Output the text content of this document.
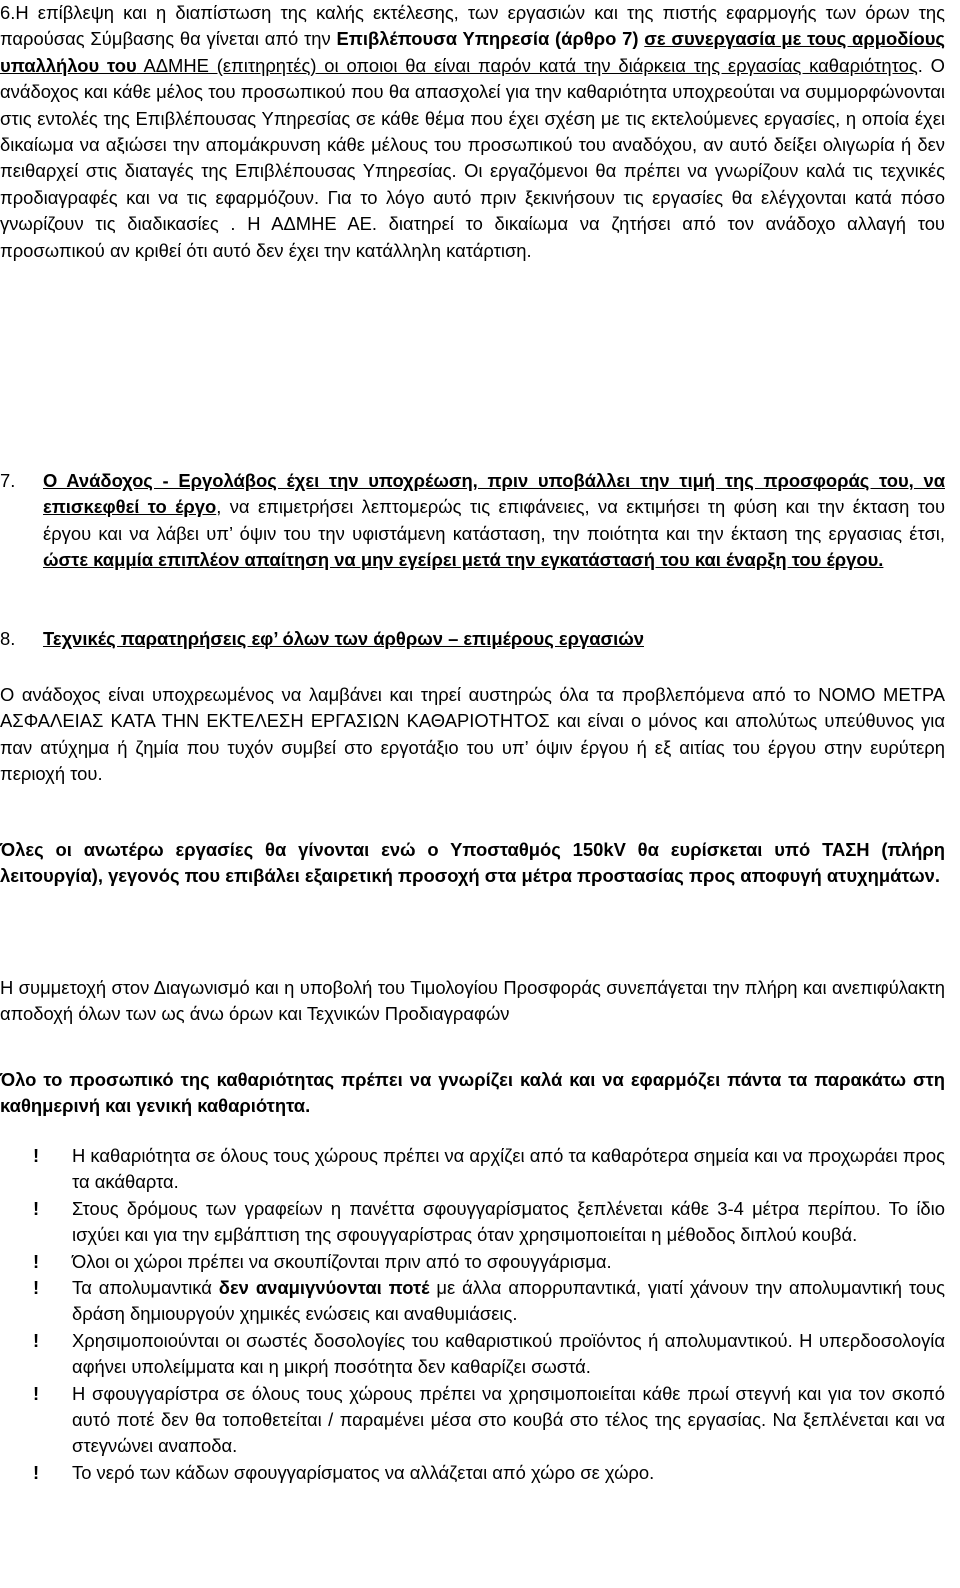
6.Η επίβλεψη και η διαπίστωση της καλής εκτέλεσης, των εργασιών και της πιστής εφαρμογής των όρων της παρούσας Σύμβασης θα γίνεται από την Επιβλέπουσα Υπηρεσία (άρθρο 7) σε συνεργασία με τους αρμοδίους υπαλλήλου του ΑΔΜΗΕ (επιτηρητές) οι οποιοι θα είναι παρόν κατά την διάρκεια της εργασίας καθαριότητος. Ο ανάδοχος και κάθε μέλος του προσωπικού που θα απασχολεί για την καθαριότητα υποχρεούται να συμμορφώνονται στις εντολές της Επιβλέπουσας Υπηρεσίας σε κάθε θέμα που έχει σχέση με τις εκτελούμενες εργασίες, η οποία έχει δικαίωμα να αξιώσει την απομάκρυνση κάθε μέλους του προσωπικού του αναδόχου, αν αυτό δείξει ολιγωρία ή δεν πειθαρχεί στις διαταγές της Επιβλέπουσας Υπηρεσίας. Οι εργαζόμενοι θα πρέπει να γνωρίζουν καλά τις τεχνικές προδιαγραφές και να τις εφαρμόζουν. Για το λόγο αυτό πριν ξεκινήσουν τις εργασίες θα ελέγχονται κατά πόσο γνωρίζουν τις διαδικασίες . Η ΑΔΜΗΕ ΑΕ. διατηρεί το δικαίωμα να ζητήσει από τον ανάδοχο αλλαγή του προσωπικού αν κριθεί ότι αυτό δεν έχει την κατάλληλη κατάρτιση.

7. Ο Ανάδοχος - Εργολάβος έχει την υποχρέωση, πριν υποβάλλει την τιμή της προσφοράς του, να επισκεφθεί το έργο, να επιμετρήσει λεπτομερώς τις επιφάνειες, να εκτιμήσει τη φύση και την έκταση του έργου και να λάβει υπ’ όψιν του την υφιστάμενη κατάσταση, την ποιότητα και την έκταση της εργασιας έτσι, ώστε καμμία επιπλέον απαίτηση να μην εγείρει μετά την εγκατάστασή του και έναρξη του έργου.

8. Τεχνικές παρατηρήσεις εφ’ όλων των άρθρων – επιμέρους εργασιών

Ο ανάδοχος είναι υποχρεωμένος να λαμβάνει και τηρεί αυστηρώς όλα τα προβλεπόμενα από το ΝΟΜΟ ΜΕΤΡΑ ΑΣΦΑΛΕΙΑΣ ΚΑΤΑ ΤΗΝ ΕΚΤΕΛΕΣΗ ΕΡΓΑΣΙΩΝ ΚΑΘΑΡΙΟΤΗΤΟΣ και είναι ο μόνος και απολύτως υπεύθυνος για παν ατύχημα ή ζημία που τυχόν συμβεί στο εργοτάξιο του υπ’ όψιν έργου ή εξ αιτίας του έργου στην ευρύτερη περιοχή του.

Όλες οι ανωτέρω εργασίες θα γίνονται ενώ ο Υποσταθμός 150kV θα ευρίσκεται υπό ΤΑΣΗ (πλήρη λειτουργία), γεγονός που επιβάλει εξαιρετική προσοχή στα μέτρα προστασίας προς αποφυγή ατυχημάτων.

Η συμμετοχή στον Διαγωνισμό και η υποβολή του Τιμολογίου Προσφοράς συνεπάγεται την πλήρη και ανεπιφύλακτη αποδοχή όλων των ως άνω όρων και Τεχνικών Προδιαγραφών

Όλο το προσωπικό της καθαριότητας πρέπει να γνωρίζει καλά και να εφαρμόζει πάντα τα παρακάτω στη καθημερινή και γενική καθαριότητα.

! Η καθαριότητα σε όλους τους χώρους πρέπει να αρχίζει από τα καθαρότερα σημεία και να προχωράει προς τα ακάθαρτα.

! Στους δρόμους των γραφείων η πανέττα σφουγγαρίσματος ξεπλένεται κάθε 3-4 μέτρα περίπου. Το ίδιο ισχύει και για την εμβάπτιση της σφουγγαρίστρας όταν χρησιμοποιείται η μέθοδος διπλού κουβά.

! Όλοι οι χώροι πρέπει να σκουπίζονται πριν από το σφουγγάρισμα.

! Τα απολυμαντικά δεν αναμιγνύονται ποτέ με άλλα απορρυπαντικά, γιατί χάνουν την απολυμαντική τους δράση δημιουργούν χημικές ενώσεις και αναθυμιάσεις.

! Χρησιμοποιούνται οι σωστές δοσολογίες του καθαριστικού προϊόντος ή απολυμαντικού. Η υπερδοσολογία αφήνει υπολείμματα και η μικρή ποσότητα δεν καθαρίζει σωστά.

! Η σφουγγαρίστρα σε όλους τους χώρους πρέπει να χρησιμοποιείται κάθε πρωί στεγνή και για τον σκοπό αυτό ποτέ δεν θα τοποθετείται / παραμένει μέσα στο κουβά στο τέλος της εργασίας. Να ξεπλένεται και να στεγνώνει αναποδα.

! Το νερό των κάδων σφουγγαρίσματος να αλλάζεται από χώρο σε χώρο.
